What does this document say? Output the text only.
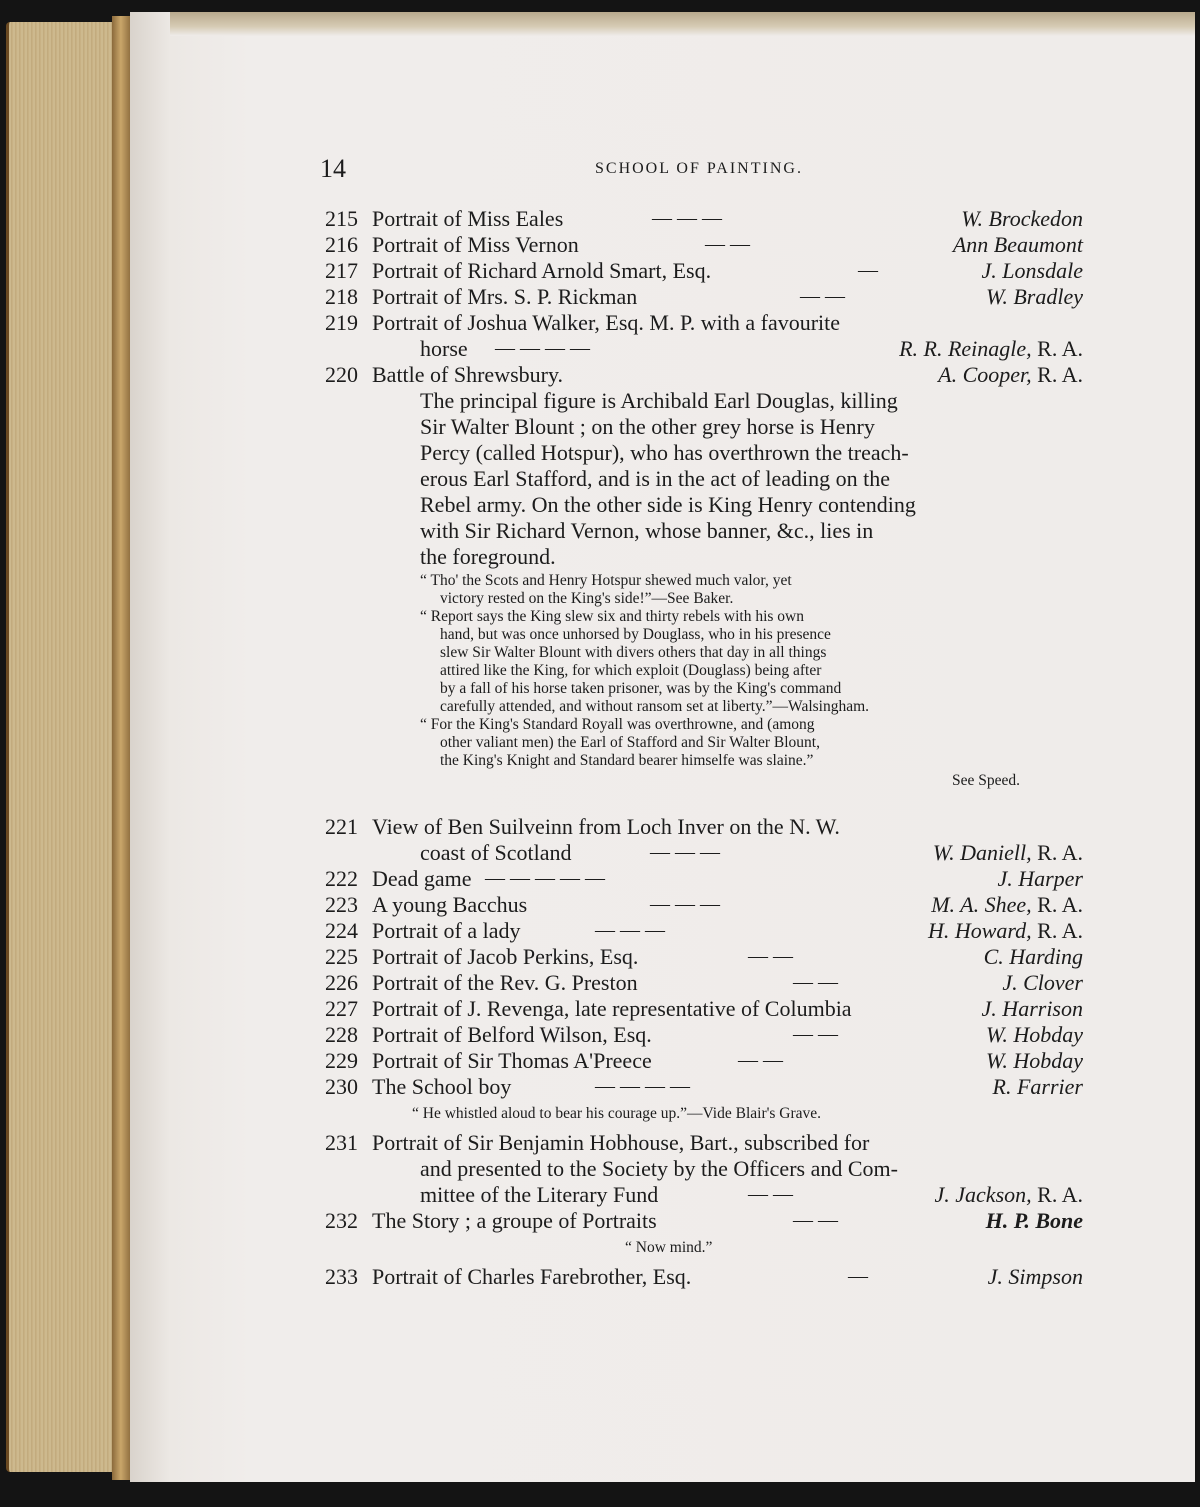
14	SCHOOL OF PAINTING.
215 Portrait of Miss Eales	— — —	W. Brockedon
216 Portrait of Miss Vernon	— —	Ann Beaumont
217 Portrait of Richard Arnold Smart, Esq.	—	J. Lonsdale
218 Portrait of Mrs. S. P. Rickman	— —	W. Bradley
219 Portrait of Joshua Walker, Esq. M. P. with a favourite
horse — — — —	R. R. Reinagle, R. A.
220 Battle of Shrewsbury.	A. Cooper, R. A.
The principal figure is Archibald Earl Douglas, killing
Sir Walter Blount ; on the other grey horse is Henry
Percy (called Hotspur), who has overthrown the treach-
erous Earl Stafford, and is in the act of leading on the
Rebel army. On the other side is King Henry contending
with Sir Richard Vernon, whose banner, &c., lies in
the foreground.
“ Tho' the Scots and Henry Hotspur shewed much valor, yet
victory rested on the King's side!”—See Baker.
“ Report says the King slew six and thirty rebels with his own
hand, but was once unhorsed by Douglass, who in his presence
slew Sir Walter Blount with divers others that day in all things
attired like the King, for which exploit (Douglass) being after
by a fall of his horse taken prisoner, was by the King's command
carefully attended, and without ransom set at liberty.”—Walsingham.
“ For the King's Standard Royall was overthrowne, and (among
other valiant men) the Earl of Stafford and Sir Walter Blount,
the King's Knight and Standard bearer himselfe was slaine.”
See Speed.
221 View of Ben Suilveinn from Loch Inver on the N. W.
coast of Scotland	— — —	W. Daniell, R. A.
222 Dead game — — — — —	J. Harper
223 A young Bacchus	— — —	M. A. Shee, R. A.
224 Portrait of a lady	— — —	H. Howard, R. A.
225 Portrait of Jacob Perkins, Esq.	— —	C. Harding
226 Portrait of the Rev. G. Preston	— —	J. Clover
227 Portrait of J. Revenga, late representative of Columbia	J. Harrison
228 Portrait of Belford Wilson, Esq.	— —	W. Hobday
229 Portrait of Sir Thomas A'Preece	— —	W. Hobday
230 The School boy	— — — —	R. Farrier
“ He whistled aloud to bear his courage up.”—Vide Blair's Grave.
231 Portrait of Sir Benjamin Hobhouse, Bart., subscribed for
and presented to the Society by the Officers and Com-
mittee of the Literary Fund	— —	J. Jackson, R. A.
232 The Story ; a groupe of Portraits	— —	H. P. Bone
“ Now mind.”
233 Portrait of Charles Farebrother, Esq.	—	J. Simpson
